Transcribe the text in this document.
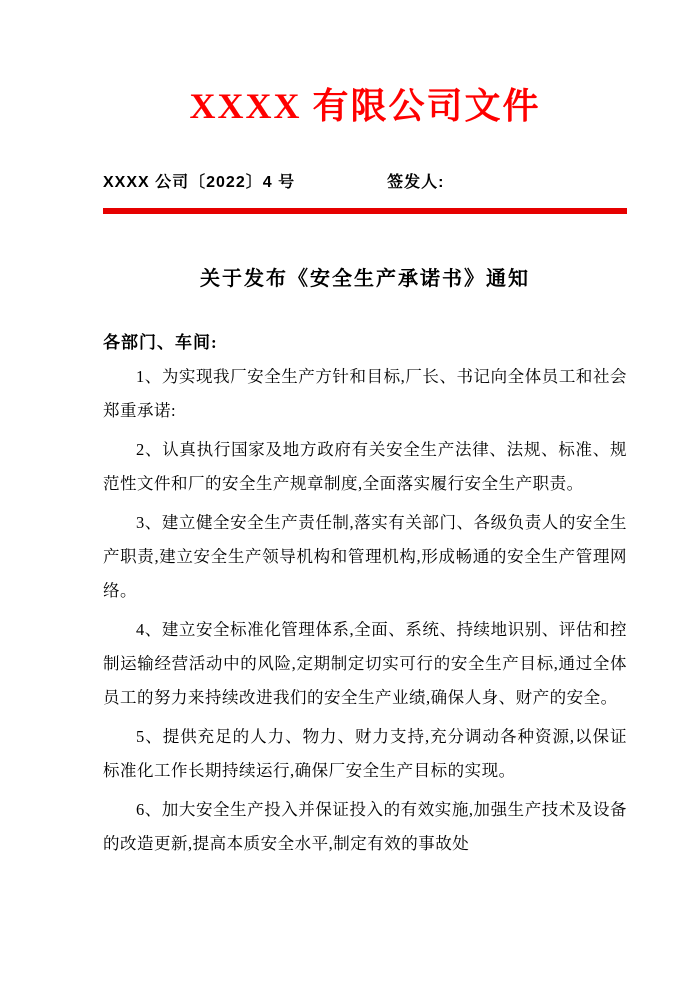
XXXX 有限公司文件
XXXX 公司〔2022〕4 号	签发人:
关于发布《安全生产承诺书》通知

各部门、车间:

1、为实现我厂安全生产方针和目标,厂长、书记向全体员工和社会郑重承诺:

2、认真执行国家及地方政府有关安全生产法律、法规、标准、规范性文件和厂的安全生产规章制度,全面落实履行安全生产职责。

3、建立健全安全生产责任制,落实有关部门、各级负责人的安全生产职责,建立安全生产领导机构和管理机构,形成畅通的安全生产管理网络。

4、建立安全标准化管理体系,全面、系统、持续地识别、评估和控制运输经营活动中的风险,定期制定切实可行的安全生产目标,通过全体员工的努力来持续改进我们的安全生产业绩,确保人身、财产的安全。

5、提供充足的人力、物力、财力支持,充分调动各种资源,以保证标准化工作长期持续运行,确保厂安全生产目标的实现。

6、加大安全生产投入并保证投入的有效实施,加强生产技术及设备的改造更新,提高本质安全水平,制定有效的事故处
